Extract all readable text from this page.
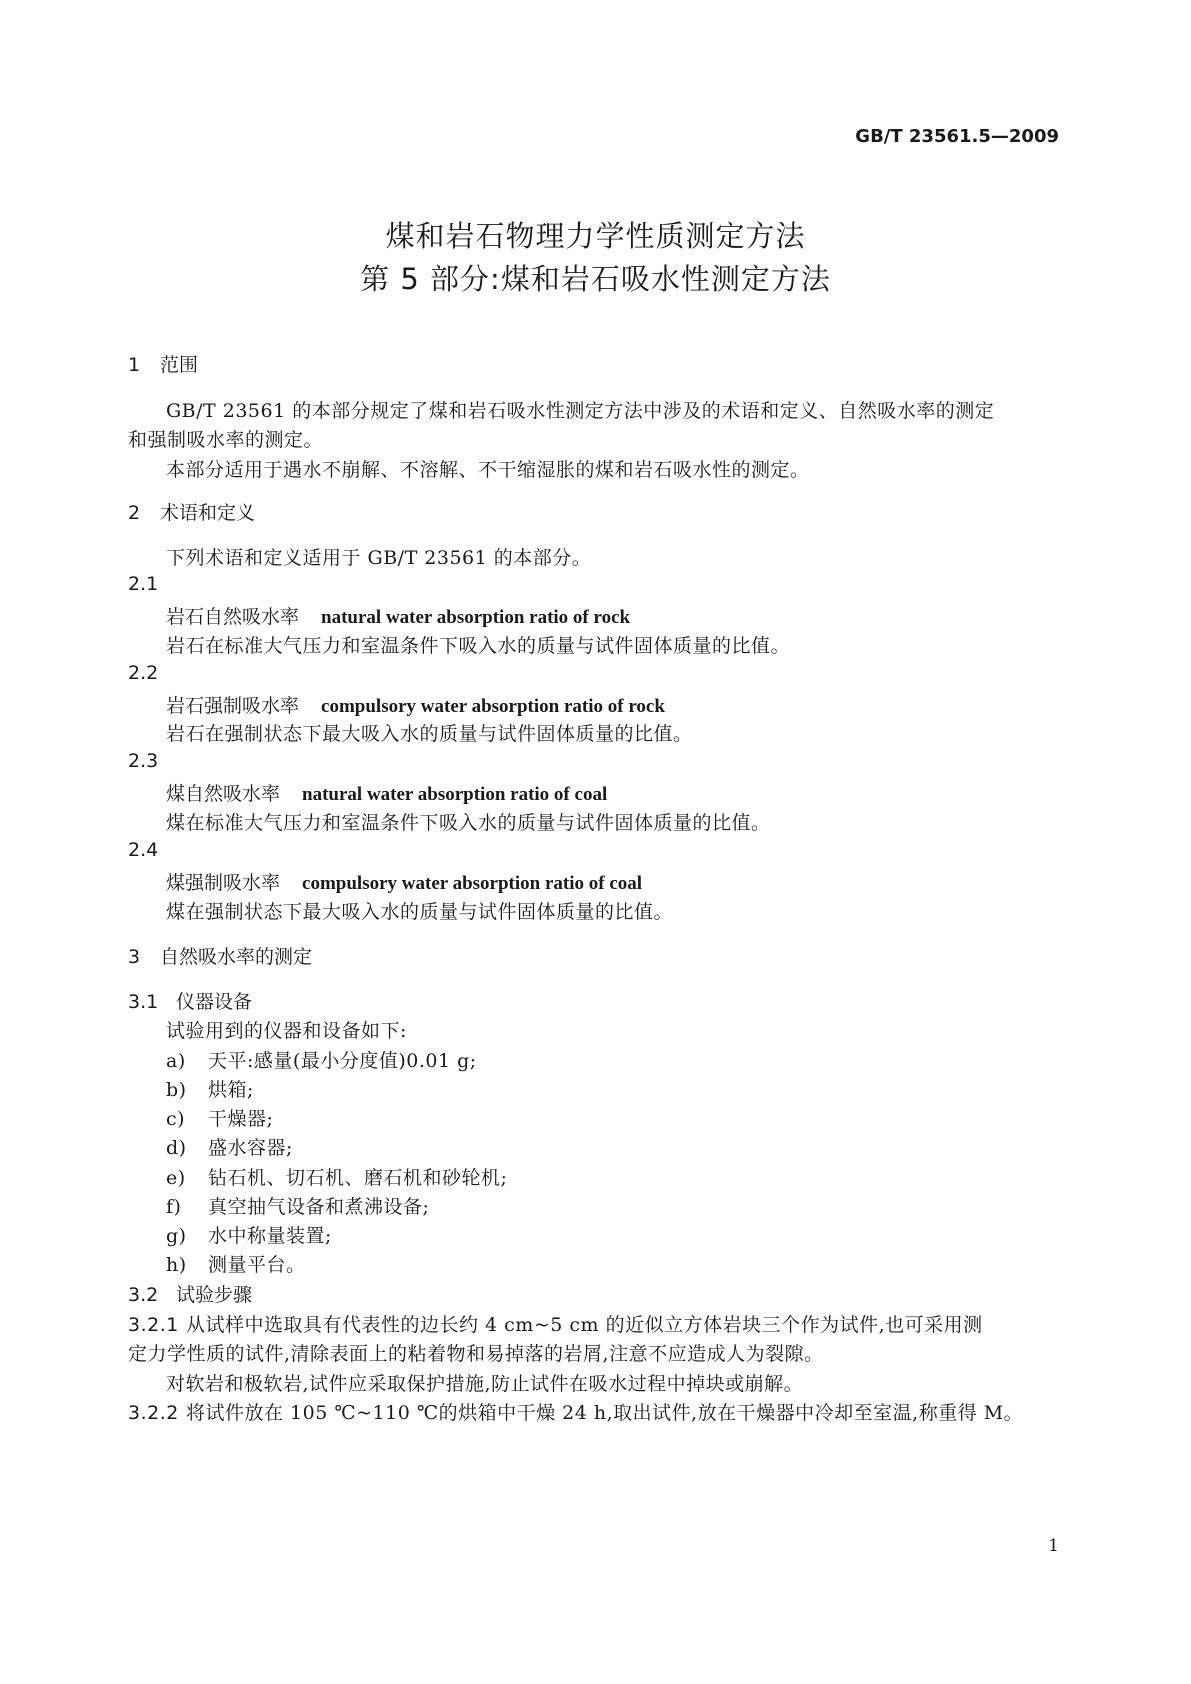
GB/T 23561.5—2009
煤和岩石物理力学性质测定方法
第 5 部分:煤和岩石吸水性测定方法
1 范围
GB/T 23561 的本部分规定了煤和岩石吸水性测定方法中涉及的术语和定义、自然吸水率的测定
和强制吸水率的测定。
本部分适用于遇水不崩解、不溶解、不干缩湿胀的煤和岩石吸水性的测定。
2 术语和定义
下列术语和定义适用于 GB/T 23561 的本部分。
2.1
岩石自然吸水率 natural water absorption ratio of rock
岩石在标准大气压力和室温条件下吸入水的质量与试件固体质量的比值。
2.2
岩石强制吸水率 compulsory water absorption ratio of rock
岩石在强制状态下最大吸入水的质量与试件固体质量的比值。
2.3
煤自然吸水率 natural water absorption ratio of coal
煤在标准大气压力和室温条件下吸入水的质量与试件固体质量的比值。
2.4
煤强制吸水率 compulsory water absorption ratio of coal
煤在强制状态下最大吸入水的质量与试件固体质量的比值。
3 自然吸水率的测定
3.1 仪器设备
试验用到的仪器和设备如下:
a) 天平:感量(最小分度值)0.01 g;
b) 烘箱;
c) 干燥器;
d) 盛水容器;
e) 钻石机、切石机、磨石机和砂轮机;
f) 真空抽气设备和煮沸设备;
g) 水中称量装置;
h) 测量平台。
3.2 试验步骤
3.2.1 从试样中选取具有代表性的边长约 4 cm~5 cm 的近似立方体岩块三个作为试件,也可采用测
定力学性质的试件,清除表面上的粘着物和易掉落的岩屑,注意不应造成人为裂隙。
对软岩和极软岩,试件应采取保护措施,防止试件在吸水过程中掉块或崩解。
3.2.2 将试件放在 105 ℃~110 ℃的烘箱中干燥 24 h,取出试件,放在干燥器中冷却至室温,称重得 M。
1
